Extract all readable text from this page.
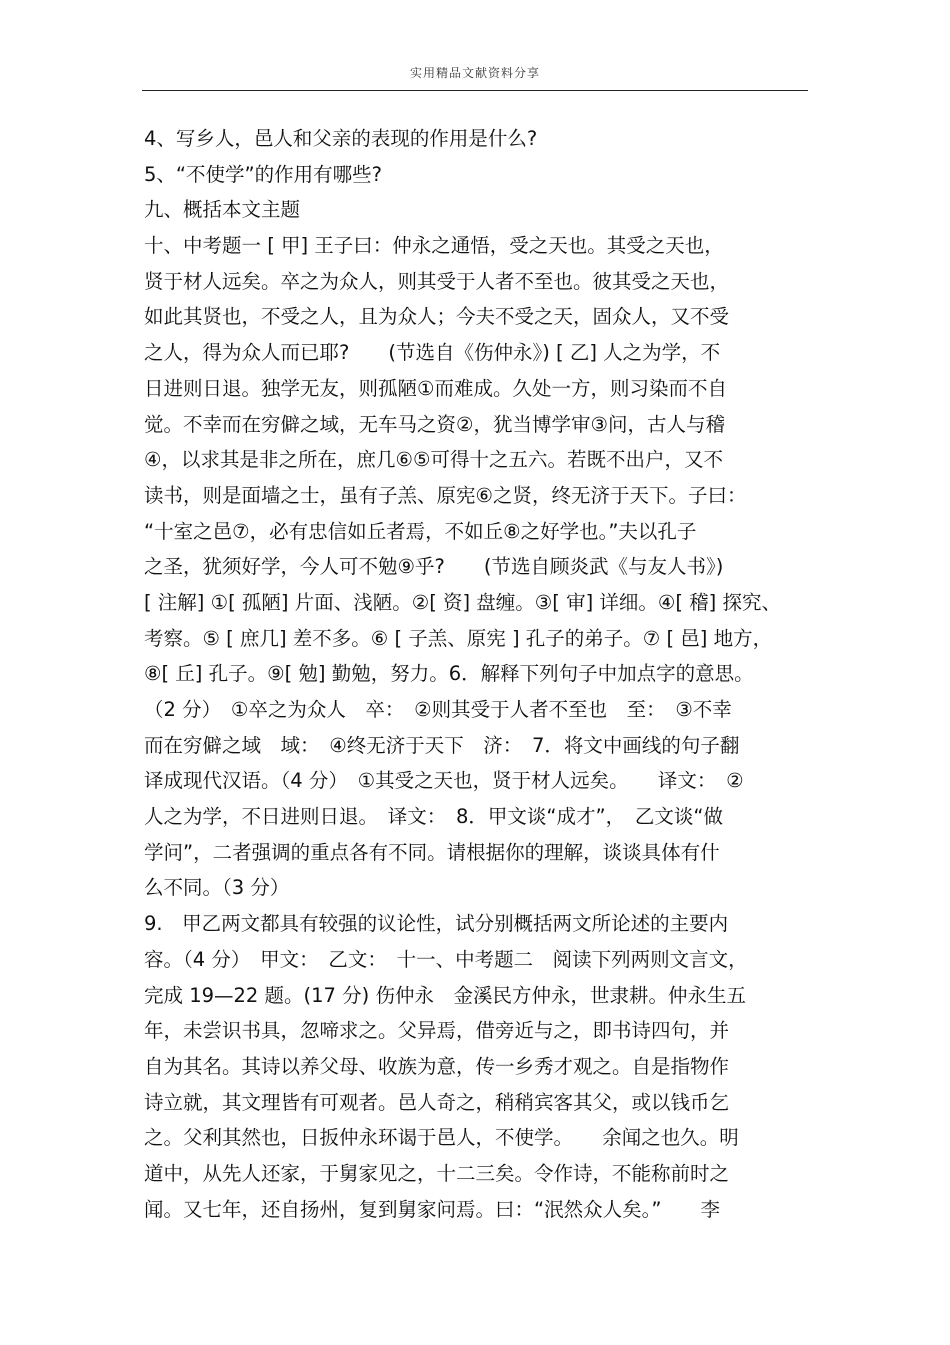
实用精品文献资料分享
4、写乡人，邑人和父亲的表现的作用是什么?
5、“不使学”的作用有哪些?
九、概括本文主题
十、中考题一 [ 甲] 王子曰：仲永之通悟，受之天也。其受之天也，
贤于材人远矣。卒之为众人，则其受于人者不至也。彼其受之天也，
如此其贤也，不受之人，且为众人；今夫不受之天，固众人，又不受
之人，得为众人而已耶?　　(节选自《伤仲永》) [ 乙] 人之为学，不
日进则日退。独学无友，则孤陋①而难成。久处一方，则习染而不自
觉。不幸而在穷僻之域，无车马之资②，犹当博学审③问，古人与稽
④，以求其是非之所在，庶几⑥⑤可得十之五六。若既不出户，又不
读书，则是面墙之士，虽有子羔、原宪⑥之贤，终无济于天下。子曰：
“十室之邑⑦，必有忠信如丘者焉，不如丘⑧之好学也。”夫以孔子
之圣，犹须好学，今人可不勉⑨乎?　　(节选自顾炎武《与友人书》)
[ 注解] ①[ 孤陋] 片面、浅陋。②[ 资] 盘缠。③[ 审] 详细。④[ 稽] 探究、
考察。⑤ [ 庶几] 差不多。⑥ [ 子羔、原宪 ] 孔子的弟子。⑦ [ 邑] 地方，
⑧[ 丘] 孔子。⑨[ 勉] 勤勉，努力。6．解释下列句子中加点字的意思。
（2 分）　①卒之为众人　卒：　②则其受于人者不至也　至：　③不幸
而在穷僻之域　域：　④终无济于天下　济：　7．将文中画线的句子翻
译成现代汉语。（4 分）　①其受之天也，贤于材人远矣。　　译文：　②
人之为学，不日进则日退。　译文：　8．甲文谈“成才”，　乙文谈“做
学问”，二者强调的重点各有不同。请根据你的理解，谈谈具体有什
么不同。（3 分）
9.　甲乙两文都具有较强的议论性，试分别概括两文所论述的主要内
容。（4 分）　甲文：　乙文：　十一、中考题二　阅读下列两则文言文，
完成 19—22 题。(17 分) 伤仲永　金溪民方仲永，世隶耕。仲永生五
年，未尝识书具，忽啼求之。父异焉，借旁近与之，即书诗四句，并
自为其名。其诗以养父母、收族为意，传一乡秀才观之。自是指物作
诗立就，其文理皆有可观者。邑人奇之，稍稍宾客其父，或以钱币乞
之。父利其然也，日扳仲永环谒于邑人，不使学。　　余闻之也久。明
道中，从先人还家，于舅家见之，十二三矣。令作诗，不能称前时之
闻。又七年，还自扬州，复到舅家问焉。曰：“泯然众人矣。”　　李
